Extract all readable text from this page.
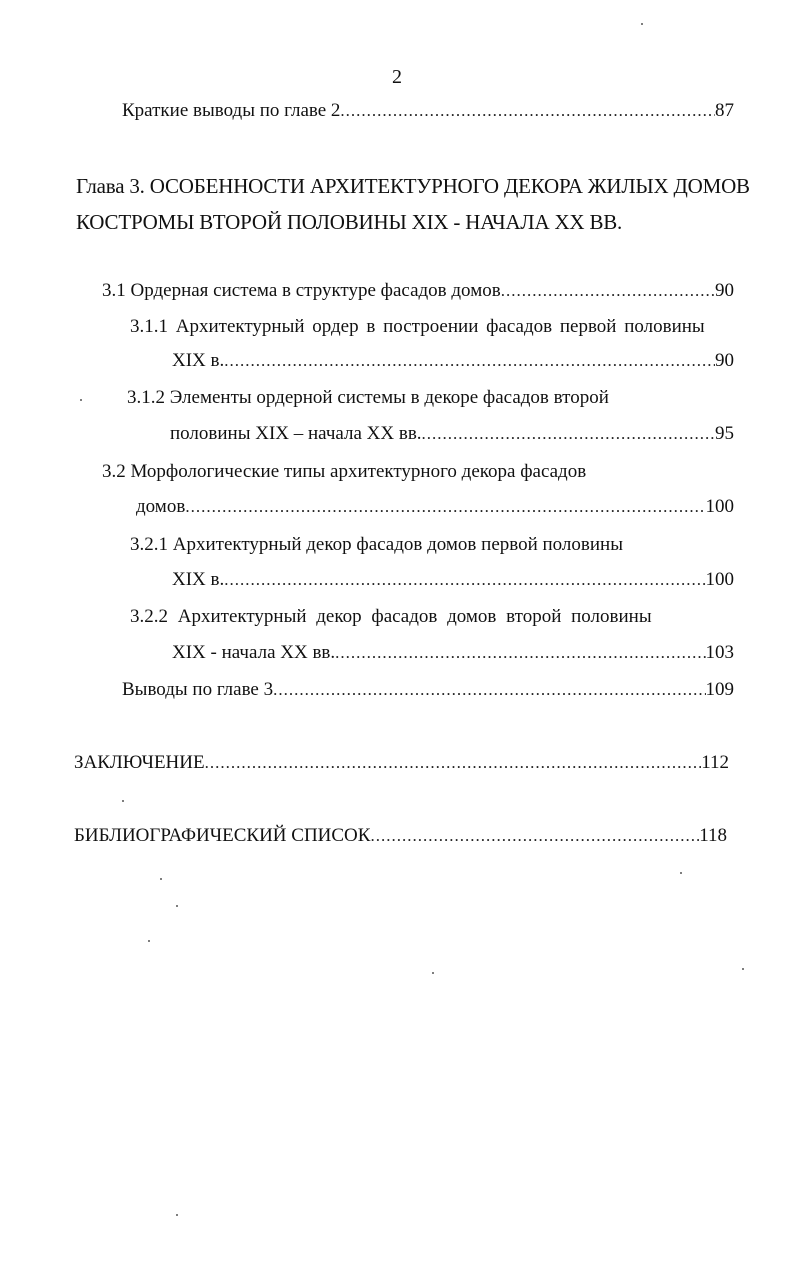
2
Краткие выводы по главе 2 .....	87
Глава 3. ОСОБЕННОСТИ АРХИТЕКТУРНОГО ДЕКОРА ЖИЛЫХ ДОМОВ
КОСТРОМЫ ВТОРОЙ ПОЛОВИНЫ XIX - НАЧАЛА XX ВВ.
3.1 Ордерная система в структуре фасадов домов .....	90
3.1.1 Архитектурный ордер в построении фасадов первой половины
XIX в. .....	90
3.1.2 Элементы ордерной системы в декоре фасадов второй
половины XIX – начала XX вв. .....	95
3.2 Морфологические типы архитектурного декора фасадов
домов .....	100
3.2.1 Архитектурный декор фасадов домов первой половины
XIX в. .....	100
3.2.2 Архитектурный декор фасадов домов второй половины
XIX - начала XX вв. .....	103
Выводы по главе 3 .....	109
ЗАКЛЮЧЕНИЕ .....	112
БИБЛИОГРАФИЧЕСКИЙ СПИСОК .....	118
